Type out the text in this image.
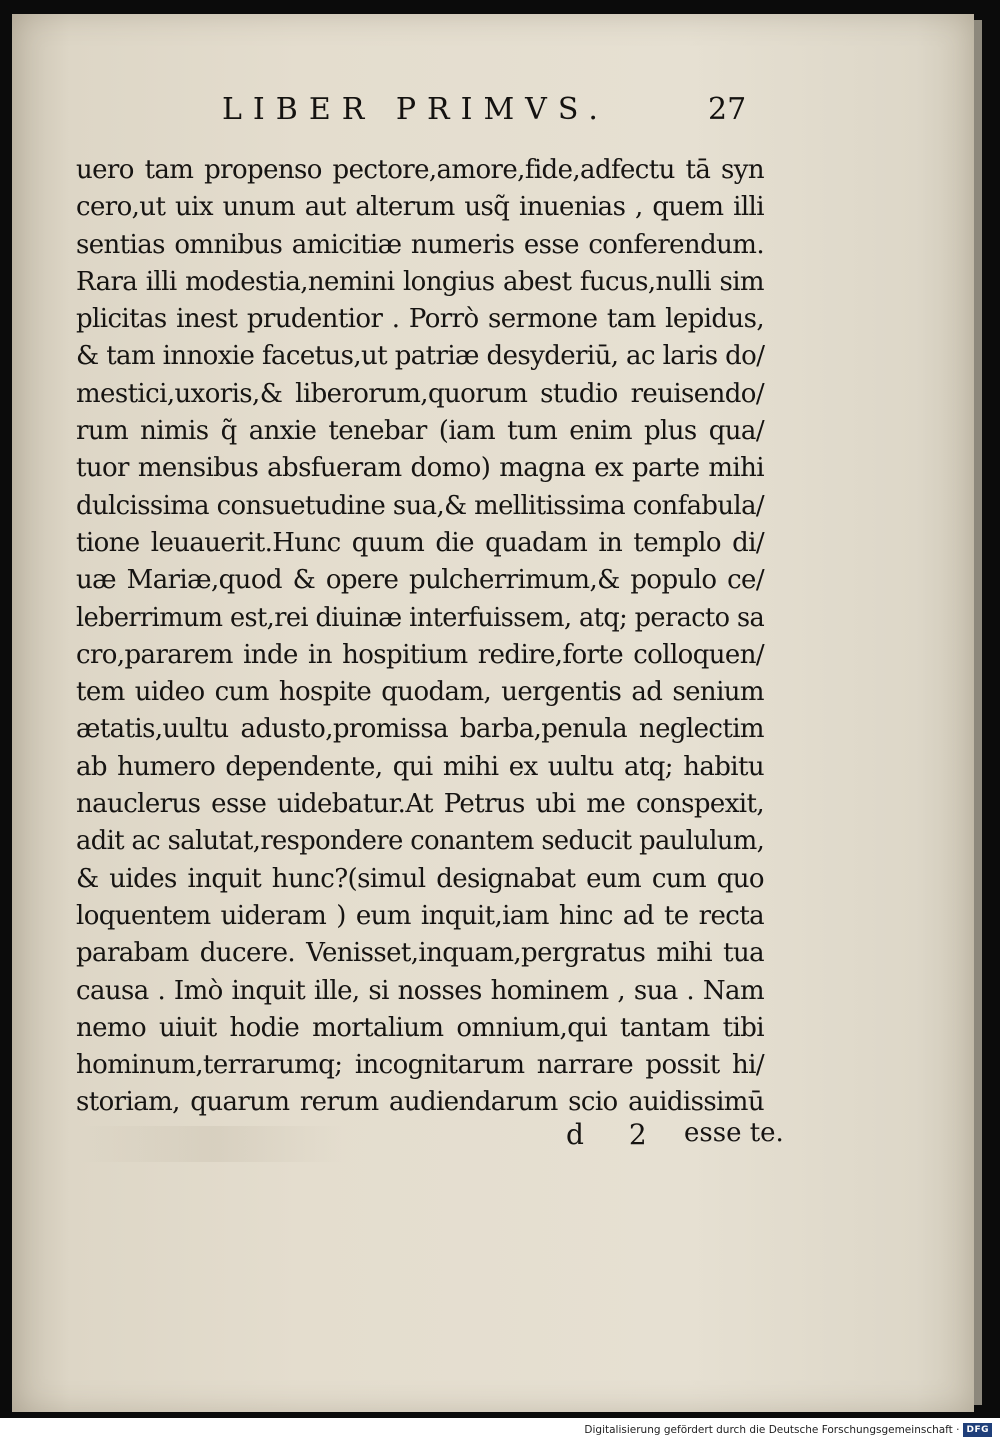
LIBER PRIMVS.	27
uero tam propenso pectore,amore,fide,adfectu tā syn
cero,ut uix unum aut alterum usq̃ inuenias , quem illi
sentias omnibus amicitiæ numeris esse conferendum.
Rara illi modestia,nemini longius abest fucus,nulli sim
plicitas inest prudentior . Porrò sermone tam lepidus,
& tam innoxie facetus,ut patriæ desyderiū, ac laris do/
mestici,uxoris,& liberorum,quorum studio reuisendo/
rum nimis q̃ anxie tenebar (iam tum enim plus qua/
tuor mensibus absfueram domo) magna ex parte mihi
dulcissima consuetudine sua,& mellitissima confabula/
tione leuauerit.Hunc quum die quadam in templo di/
uæ Mariæ,quod & opere pulcherrimum,& populo ce/
leberrimum est,rei diuinæ interfuissem, atq; peracto sa
cro,pararem inde in hospitium redire,forte colloquen/
tem uideo cum hospite quodam, uergentis ad senium
ætatis,uultu adusto,promissa barba,penula neglectim
ab humero dependente, qui mihi ex uultu atq; habitu
nauclerus esse uidebatur.At Petrus ubi me conspexit,
adit ac salutat,respondere conantem seducit paululum,
& uides inquit hunc?(simul designabat eum cum quo
loquentem uideram ) eum inquit,iam hinc ad te recta
parabam ducere. Venisset,inquam,pergratus mihi tua
causa . Imò inquit ille, si nosses hominem , sua . Nam
nemo uiuit hodie mortalium omnium,qui tantam tibi
hominum,terrarumq; incognitarum narrare possit hi/
storiam, quarum rerum audiendarum scio auidissimū
d 2 esse te.
Digitalisierung gefördert durch die Deutsche Forschungsgemeinschaft · DFG
